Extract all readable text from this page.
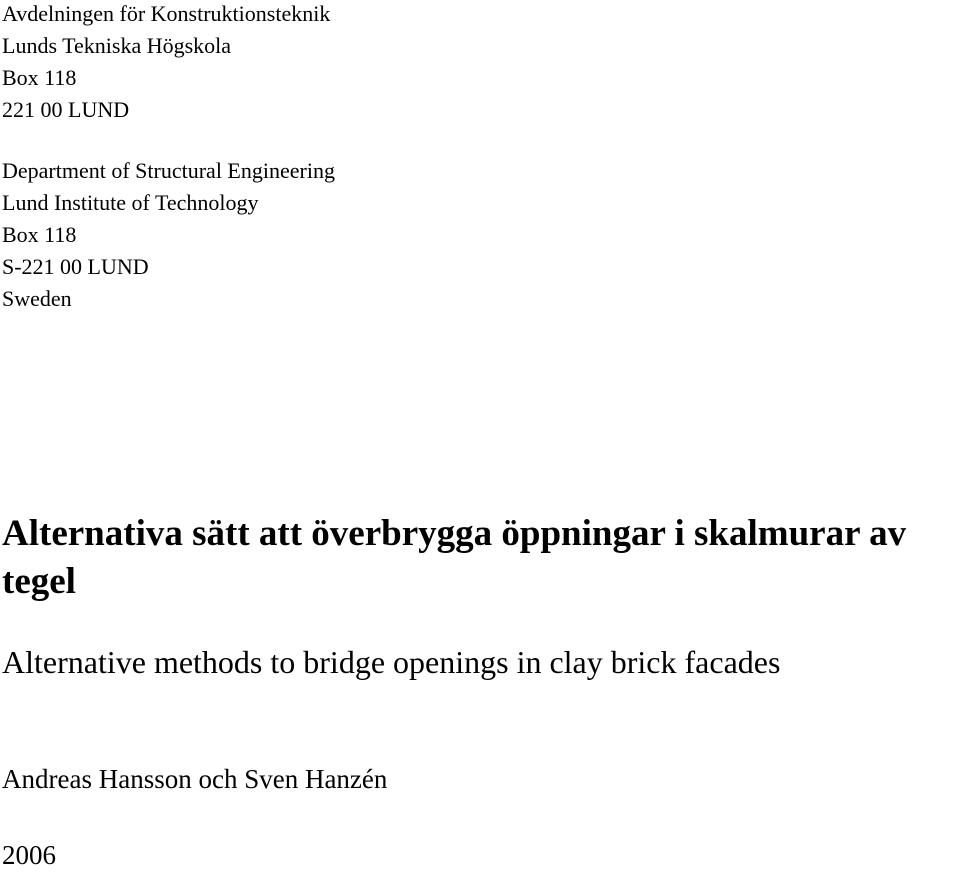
Avdelningen för Konstruktionsteknik
Lunds Tekniska Högskola
Box 118
221 00 LUND
Department of Structural Engineering
Lund Institute of Technology
Box 118
S-221 00 LUND
Sweden
Alternativa sätt att överbrygga öppningar i skalmurar av tegel
Alternative methods to bridge openings in clay brick facades
Andreas Hansson och Sven Hanzén
2006
